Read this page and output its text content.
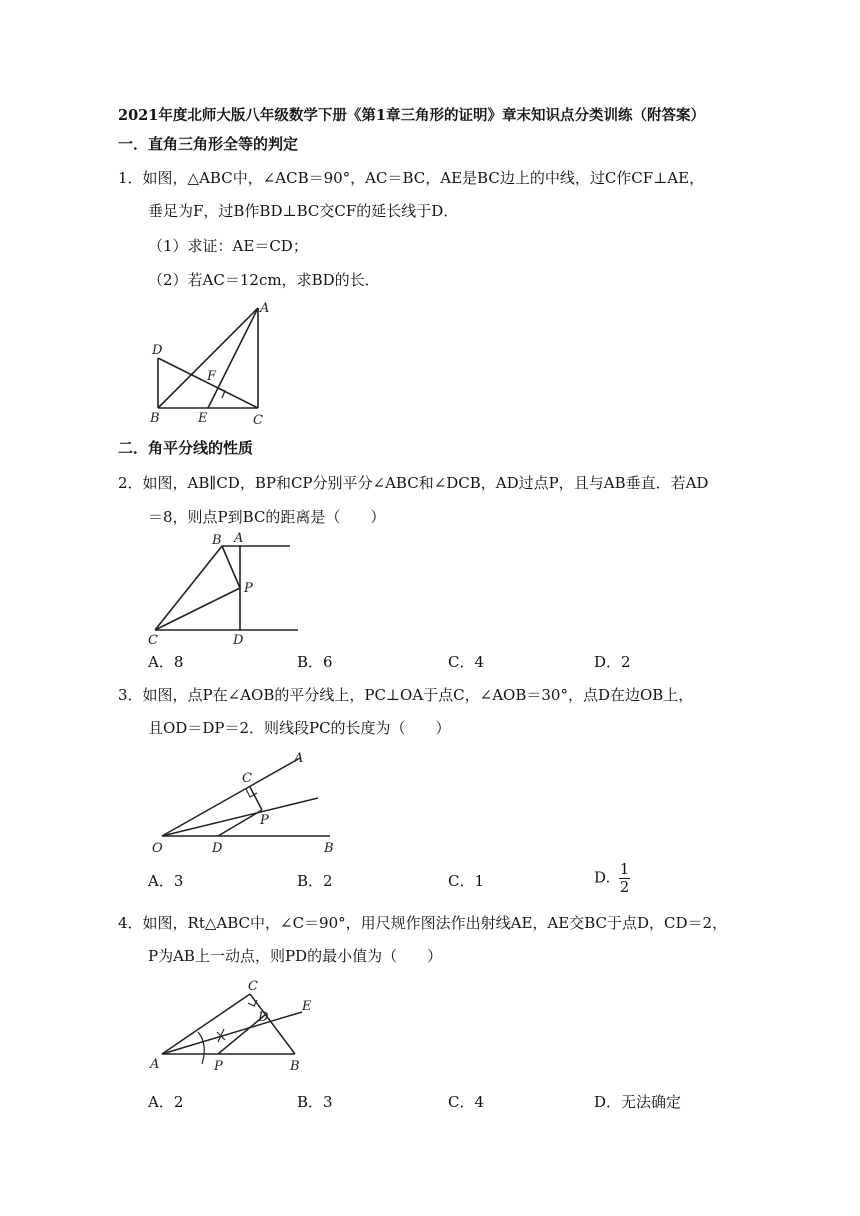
2021年度北师大版八年级数学下册《第1章三角形的证明》章末知识点分类训练（附答案）
一．直角三角形全等的判定
1．如图，△ABC中，∠ACB＝90°，AC＝BC，AE是BC边上的中线，过C作CF⊥AE，
垂足为F，过B作BD⊥BC交CF的延长线于D．
（1）求证：AE＝CD；
（2）若AC＝12cm，求BD的长．
A
B	C
D
E
F
二．角平分线的性质
2．如图，AB∥CD，BP和CP分别平分∠ABC和∠DCB，AD过点P，且与AB垂直．若AD
＝8，则点P到BC的距离是（　　）
B A
P
C	D
A．8	B．6	C．4	D．2
3．如图，点P在∠AOB的平分线上，PC⊥OA于点C，∠AOB＝30°，点D在边OB上，
且OD＝DP＝2．则线段PC的长度为（　　）
A
C
P
O	D	B
A．3	B．2	C．1	D. $\frac{1}{2}$
4．如图，Rt△ABC中，∠C＝90°，用尺规作图法作出射线AE，AE交BC于点D，CD＝2，
P为AB上一动点，则PD的最小值为（　　）
C
D
E
A	P	B
A．2	B．3	C．4	D．无法确定
